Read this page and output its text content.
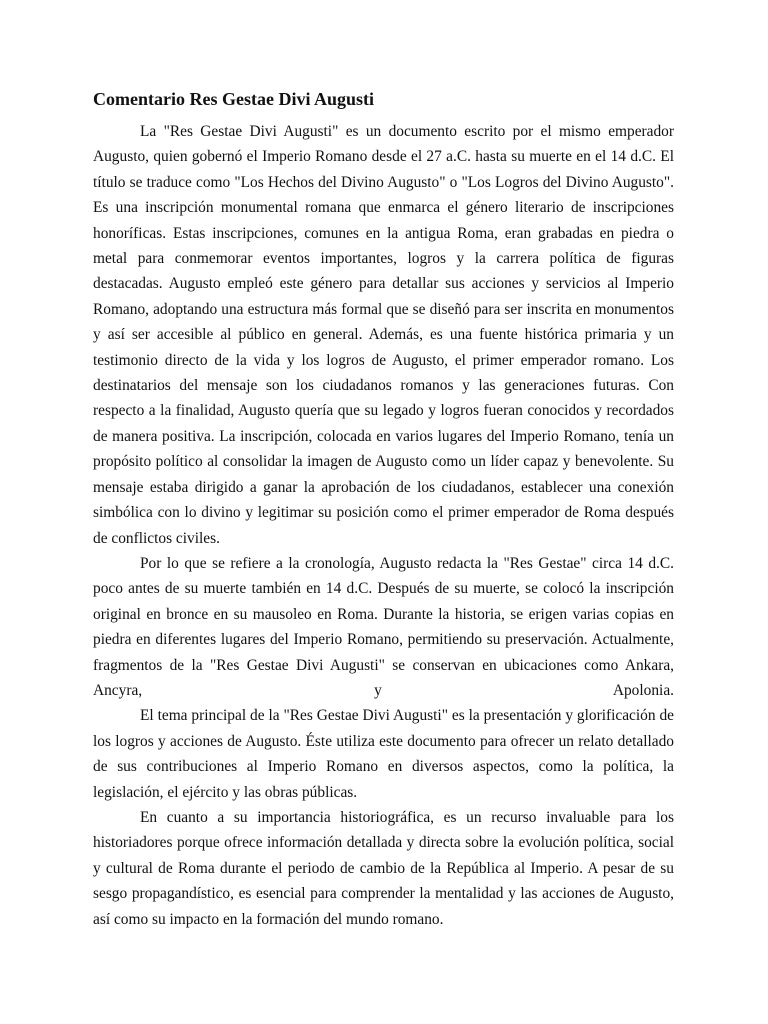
Comentario Res Gestae Divi Augusti

La "Res Gestae Divi Augusti" es un documento escrito por el mismo emperador Augusto, quien gobernó el Imperio Romano desde el 27 a.C. hasta su muerte en el 14 d.C. El título se traduce como "Los Hechos del Divino Augusto" o "Los Logros del Divino Augusto". Es una inscripción monumental romana que enmarca el género literario de inscripciones honoríficas. Estas inscripciones, comunes en la antigua Roma, eran grabadas en piedra o metal para conmemorar eventos importantes, logros y la carrera política de figuras destacadas. Augusto empleó este género para detallar sus acciones y servicios al Imperio Romano, adoptando una estructura más formal que se diseñó para ser inscrita en monumentos y así ser accesible al público en general. Además, es una fuente histórica primaria y un testimonio directo de la vida y los logros de Augusto, el primer emperador romano. Los destinatarios del mensaje son los ciudadanos romanos y las generaciones futuras. Con respecto a la finalidad, Augusto quería que su legado y logros fueran conocidos y recordados de manera positiva. La inscripción, colocada en varios lugares del Imperio Romano, tenía un propósito político al consolidar la imagen de Augusto como un líder capaz y benevolente. Su mensaje estaba dirigido a ganar la aprobación de los ciudadanos, establecer una conexión simbólica con lo divino y legitimar su posición como el primer emperador de Roma después de conflictos civiles.

Por lo que se refiere a la cronología, Augusto redacta la "Res Gestae" circa 14 d.C. poco antes de su muerte también en 14 d.C. Después de su muerte, se colocó la inscripción original en bronce en su mausoleo en Roma. Durante la historia, se erigen varias copias en piedra en diferentes lugares del Imperio Romano, permitiendo su preservación. Actualmente, fragmentos de la "Res Gestae Divi Augusti" se conservan en ubicaciones como Ankara, Ancyra, y Apolonia.

El tema principal de la "Res Gestae Divi Augusti" es la presentación y glorificación de los logros y acciones de Augusto. Éste utiliza este documento para ofrecer un relato detallado de sus contribuciones al Imperio Romano en diversos aspectos, como la política, la legislación, el ejército y las obras públicas.

En cuanto a su importancia historiográfica, es un recurso invaluable para los historiadores porque ofrece información detallada y directa sobre la evolución política, social y cultural de Roma durante el periodo de cambio de la República al Imperio. A pesar de su sesgo propagandístico, es esencial para comprender la mentalidad y las acciones de Augusto, así como su impacto en la formación del mundo romano.
